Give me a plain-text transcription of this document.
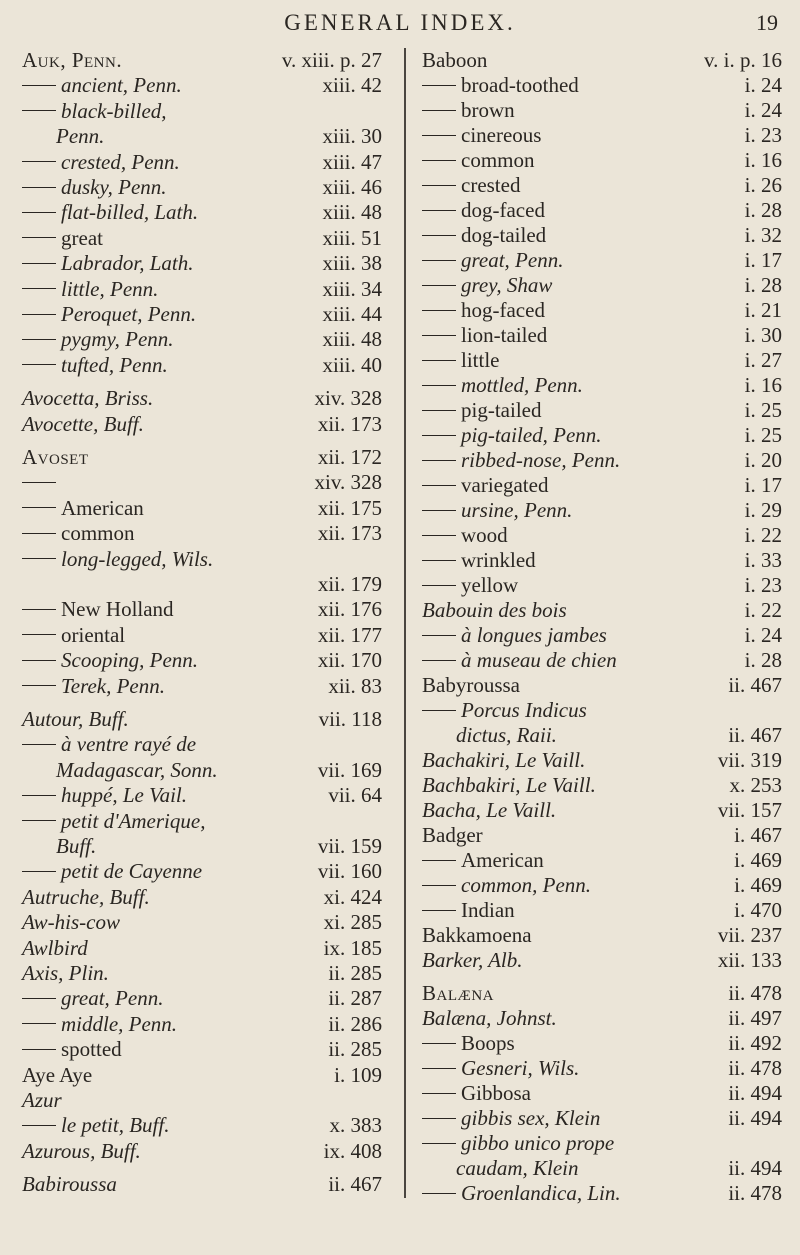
GENERAL INDEX.	19
Auk, Penn.	v. xiii. p. 27
ancient, Penn.	xiii. 42
black-billed,
Penn.	xiii. 30
crested, Penn.	xiii. 47
dusky, Penn.	xiii. 46
flat-billed, Lath.	xiii. 48
great	xiii. 51
Labrador, Lath.	xiii. 38
little, Penn.	xiii. 34
Peroquet, Penn.	xiii. 44
pygmy, Penn.	xiii. 48
tufted, Penn.	xiii. 40
Avocetta, Briss.	xiv. 328
Avocette, Buff.	xii. 173
Avoset	xii. 172
xiv. 328
American	xii. 175
common	xii. 173
long-legged, Wils.
xii. 179
New Holland	xii. 176
oriental	xii. 177
Scooping, Penn.	xii. 170
Terek, Penn.	xii. 83
Autour, Buff.	vii. 118
à ventre rayé de
Madagascar, Sonn.	vii. 169
huppé, Le Vail.	vii. 64
petit d'Amerique,
Buff.	vii. 159
petit de Cayenne	vii. 160
Autruche, Buff.	xi. 424
Aw-his-cow	xi. 285
Awlbird	ix. 185
Axis, Plin.	ii. 285
great, Penn.	ii. 287
middle, Penn.	ii. 286
spotted	ii. 285
Aye Aye	i. 109
Azur
le petit, Buff.	x. 383
Azurous, Buff.	ix. 408
Babiroussa	ii. 467
Baboon	v. i. p. 16
broad-toothed	i. 24
brown	i. 24
cinereous	i. 23
common	i. 16
crested	i. 26
dog-faced	i. 28
dog-tailed	i. 32
great, Penn.	i. 17
grey, Shaw	i. 28
hog-faced	i. 21
lion-tailed	i. 30
little	i. 27
mottled, Penn.	i. 16
pig-tailed	i. 25
pig-tailed, Penn.	i. 25
ribbed-nose, Penn.	i. 20
variegated	i. 17
ursine, Penn.	i. 29
wood	i. 22
wrinkled	i. 33
yellow	i. 23
Babouin des bois	i. 22
à longues jambes	i. 24
à museau de chien	i. 28
Babyroussa	ii. 467
Porcus Indicus
dictus, Raii.	ii. 467
Bachakiri, Le Vaill.	vii. 319
Bachbakiri, Le Vaill.	x. 253
Bacha, Le Vaill.	vii. 157
Badger	i. 467
American	i. 469
common, Penn.	i. 469
Indian	i. 470
Bakkamoena	vii. 237
Barker, Alb.	xii. 133
Balæna	ii. 478
Balæna, Johnst.	ii. 497
Boops	ii. 492
Gesneri, Wils.	ii. 478
Gibbosa	ii. 494
gibbis sex, Klein	ii. 494
gibbo unico prope
caudam, Klein	ii. 494
Groenlandica, Lin.	ii. 478
